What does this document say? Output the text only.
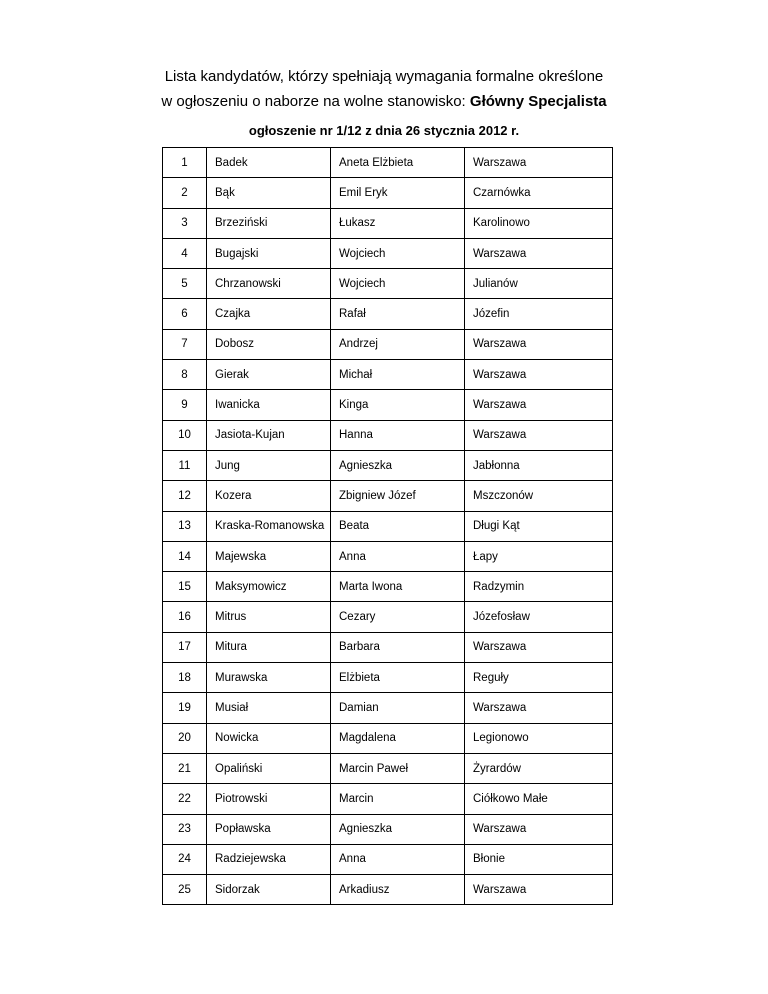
Lista kandydatów, którzy spełniają wymagania formalne określone
w ogłoszeniu o naborze na wolne stanowisko: Główny Specjalista
ogłoszenie nr 1/12 z dnia 26 stycznia 2012 r.
1	Badek	Aneta Elżbieta	Warszawa
2	Bąk	Emil Eryk	Czarnówka
3	Brzeziński	Łukasz	Karolinowo
4	Bugajski	Wojciech	Warszawa
5	Chrzanowski	Wojciech	Julianów
6	Czajka	Rafał	Józefin
7	Dobosz	Andrzej	Warszawa
8	Gierak	Michał	Warszawa
9	Iwanicka	Kinga	Warszawa
10	Jasiota-Kujan	Hanna	Warszawa
11	Jung	Agnieszka	Jabłonna
12	Kozera	Zbigniew Józef	Mszczonów
13	Kraska-Romanowska	Beata	Długi Kąt
14	Majewska	Anna	Łapy
15	Maksymowicz	Marta Iwona	Radzymin
16	Mitrus	Cezary	Józefosław
17	Mitura	Barbara	Warszawa
18	Murawska	Elżbieta	Reguły
19	Musiał	Damian	Warszawa
20	Nowicka	Magdalena	Legionowo
21	Opaliński	Marcin Paweł	Żyrardów
22	Piotrowski	Marcin	Ciółkowo Małe
23	Popławska	Agnieszka	Warszawa
24	Radziejewska	Anna	Błonie
25	Sidorzak	Arkadiusz	Warszawa
